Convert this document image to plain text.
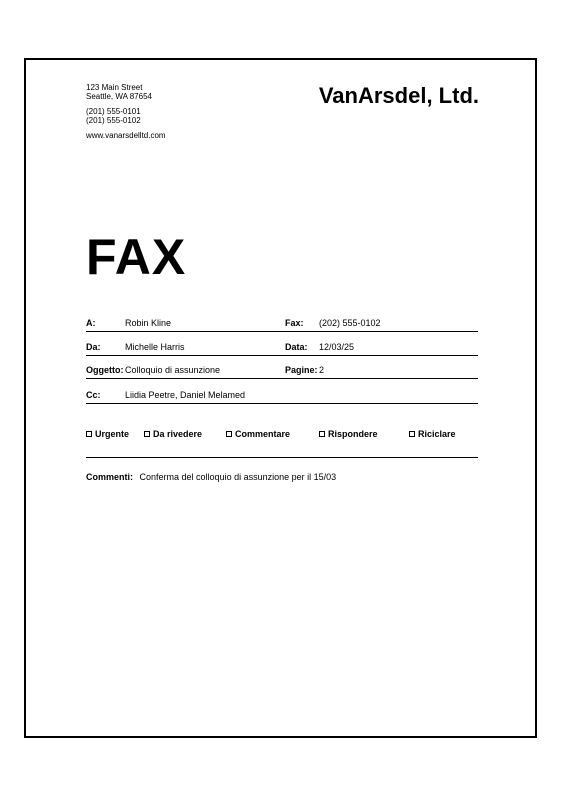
123 Main Street
Seattle, WA 87654
(201) 555-0101
(201) 555-0102
www.vanarsdelltd.com
VanArsdel, Ltd.
FAX
A:	Robin Kline	Fax: (202) 555-0102
Da:	Michelle Harris	Data: 12/03/25
Oggetto: Colloquio di assunzione	Pagine: 2
Cc:	Liidia Peetre, Daniel Melamed
Urgente	Da rivedere	Commentare	Rispondere	Riciclare
Commenti: Conferma del colloquio di assunzione per il 15/03
